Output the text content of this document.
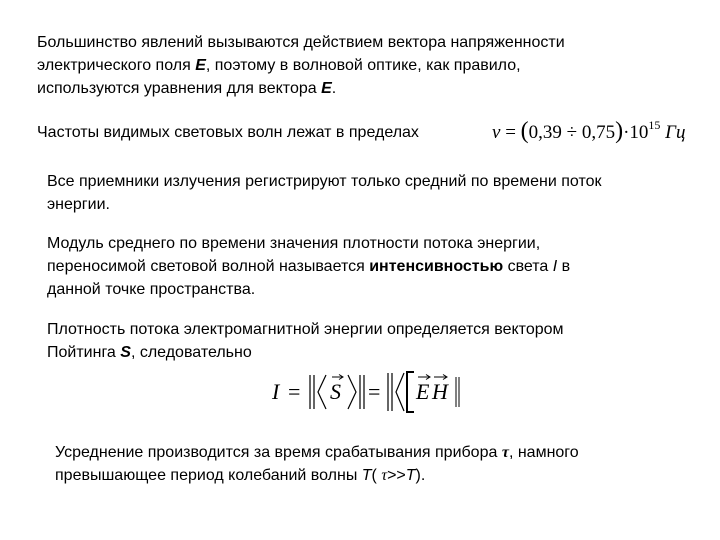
Большинство явлений вызываются действием вектора напряженности
электрического поля E, поэтому в волновой оптике, как правило,
используются уравнения для вектора E.
Частоты видимых световых волн лежат в пределах	$\nu = (0,39 \div 0,75)\cdot 10^{15}$ Гц
Все приемники излучения регистрируют только средний по времени поток
энергии.
Модуль среднего по времени значения плотности потока энергии,
переносимой световой волной называется интенсивностью света I в
данной точке пространства.
Плотность потока электромагнитной энергии определяется вектором
Пойтинга S, следовательно
I = S = E H
Усреднение производится за время срабатывания прибора τ, намного
превышающее период колебаний волны T( τ>>T).
